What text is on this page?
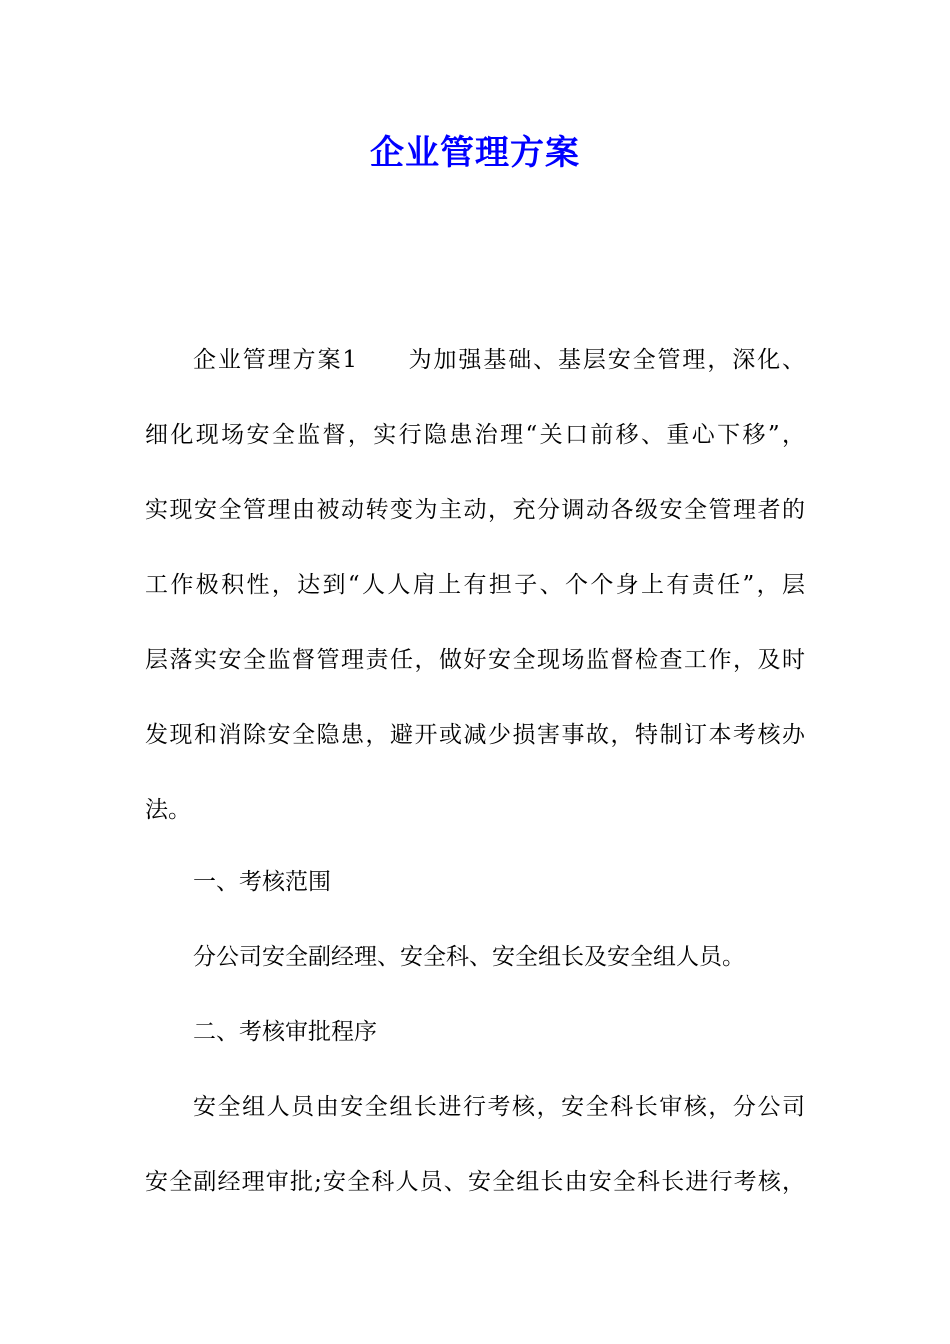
企业管理方案
企业管理方案1　　为加强基础、基层安全管理，深化、
细化现场安全监督，实行隐患治理“关口前移、重心下移”，
实现安全管理由被动转变为主动，充分调动各级安全管理者的
工作极积性，达到“人人肩上有担子、个个身上有责任”，层
层落实安全监督管理责任，做好安全现场监督检查工作，及时
发现和消除安全隐患，避开或减少损害事故，特制订本考核办
法。
一、考核范围
分公司安全副经理、安全科、安全组长及安全组人员。
二、考核审批程序
安全组人员由安全组长进行考核，安全科长审核，分公司
安全副经理审批;安全科人员、安全组长由安全科长进行考核，
